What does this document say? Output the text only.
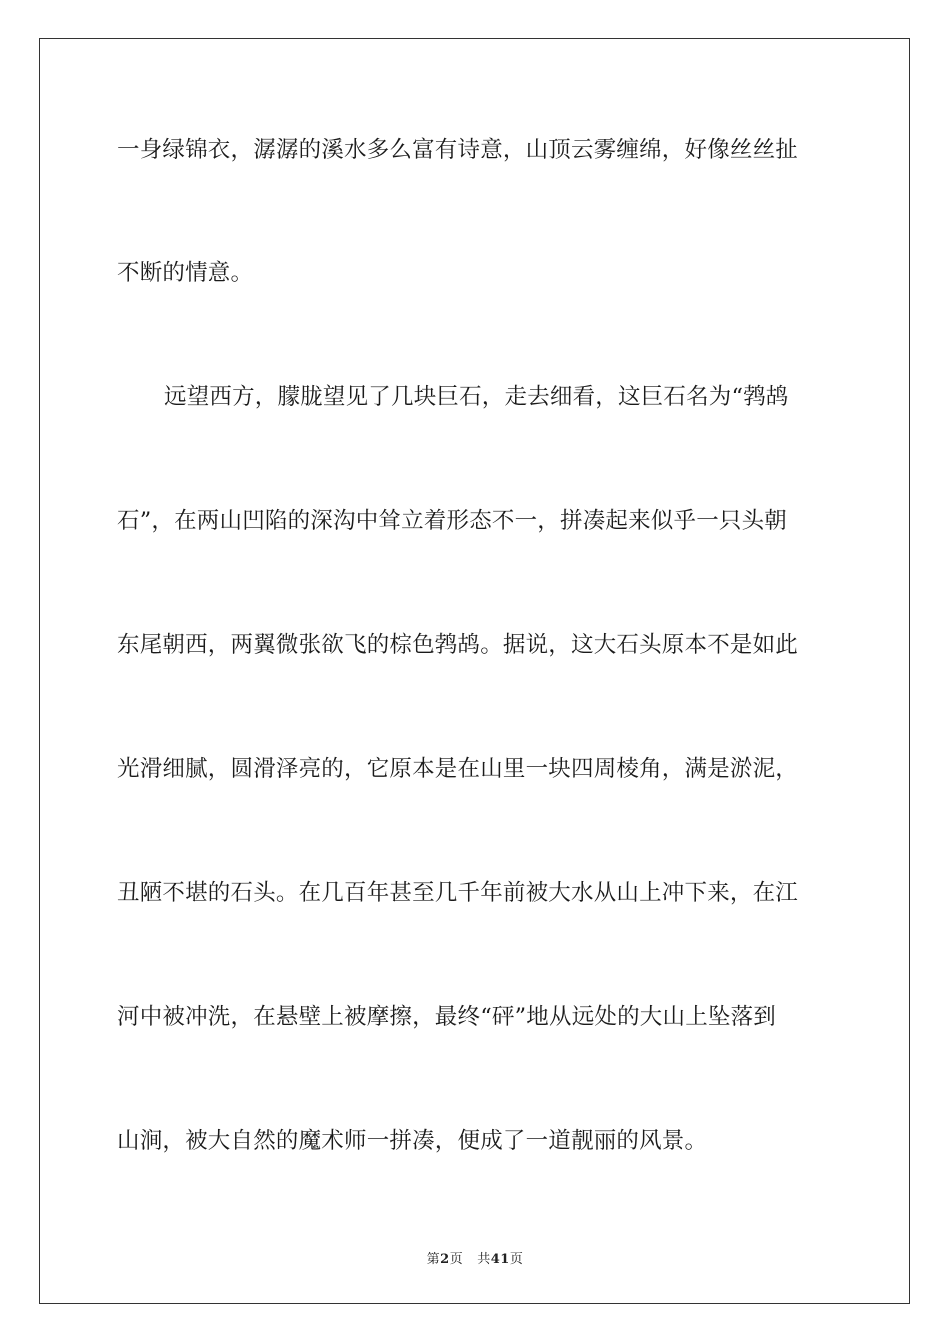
一身绿锦衣，潺潺的溪水多么富有诗意，山顶云雾缠绵，好像丝丝扯
不断的情意。
远望西方，朦胧望见了几块巨石，走去细看，这巨石名为“鹁鸪
石”，在两山凹陷的深沟中耸立着形态不一，拼凑起来似乎一只头朝
东尾朝西，两翼微张欲飞的棕色鹁鸪。据说，这大石头原本不是如此
光滑细腻，圆滑泽亮的，它原本是在山里一块四周棱角，满是淤泥，
丑陋不堪的石头。在几百年甚至几千年前被大水从山上冲下来，在江
河中被冲洗，在悬壁上被摩擦，最终“砰”地从远处的大山上坠落到
山涧，被大自然的魔术师一拼凑，便成了一道靓丽的风景。
第2页 共41页
